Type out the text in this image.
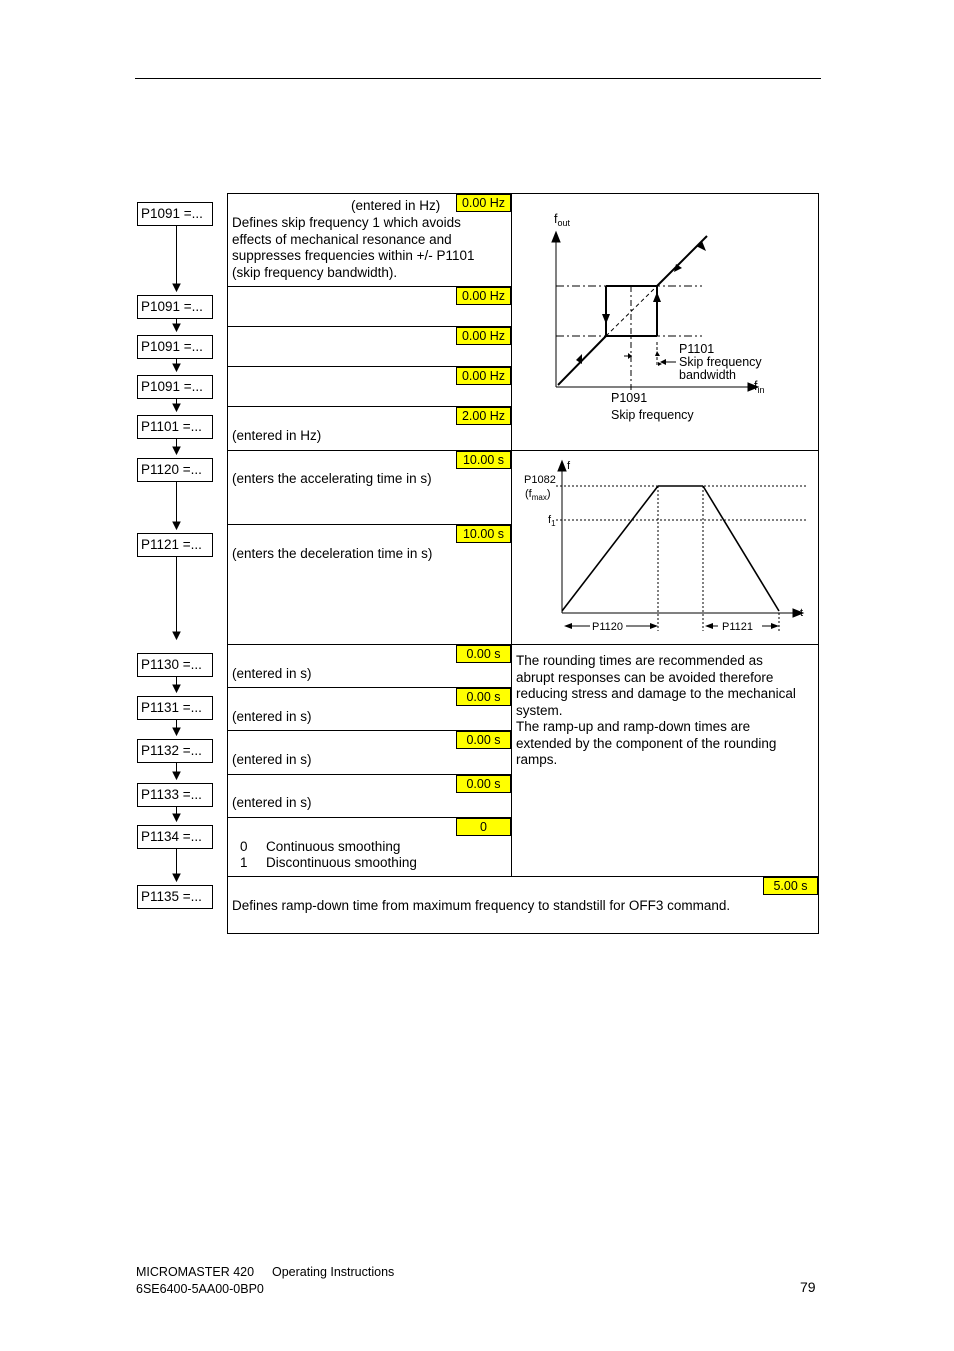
P1091 =...
P1091 =...
P1091 =...
P1091 =...
P1101 =...
P1120 =...
P1121 =...
P1130 =...
P1131 =...
P1132 =...
P1133 =...
P1134 =...
P1135 =...
0.00 Hz
(entered in Hz)
Defines skip frequency 1 which avoids
effects of mechanical resonance and
suppresses frequencies within +/- P1101
(skip frequency bandwidth).
0.00 Hz
0.00 Hz
0.00 Hz
2.00 Hz
(entered in Hz)
10.00 s
(enters the accelerating time in s)
10.00 s
(enters the deceleration time in s)
0.00 s
(entered in s)
0.00 s
(entered in s)
0.00 s
(entered in s)
0.00 s
(entered in s)
0
0 Continuous smoothing
1 Discontinuous smoothing
5.00 s
Defines ramp-down time from maximum frequency to standstill for OFF3 command.
The rounding times are recommended as
abrupt responses can be avoided therefore
reducing stress and damage to the mechanical
system.
The ramp-up and ramp-down times are
extended by the component of the rounding
ramps.
$f_{out}$
$f_{in}$
P1101
Skip frequency
bandwidth
P1091
Skip frequency
f
P1082
$(f_{max})$
$f_1$
t
P1120	P1121
MICROMASTER 420 Operating Instructions
6SE6400-5AA00-0BP0	79
